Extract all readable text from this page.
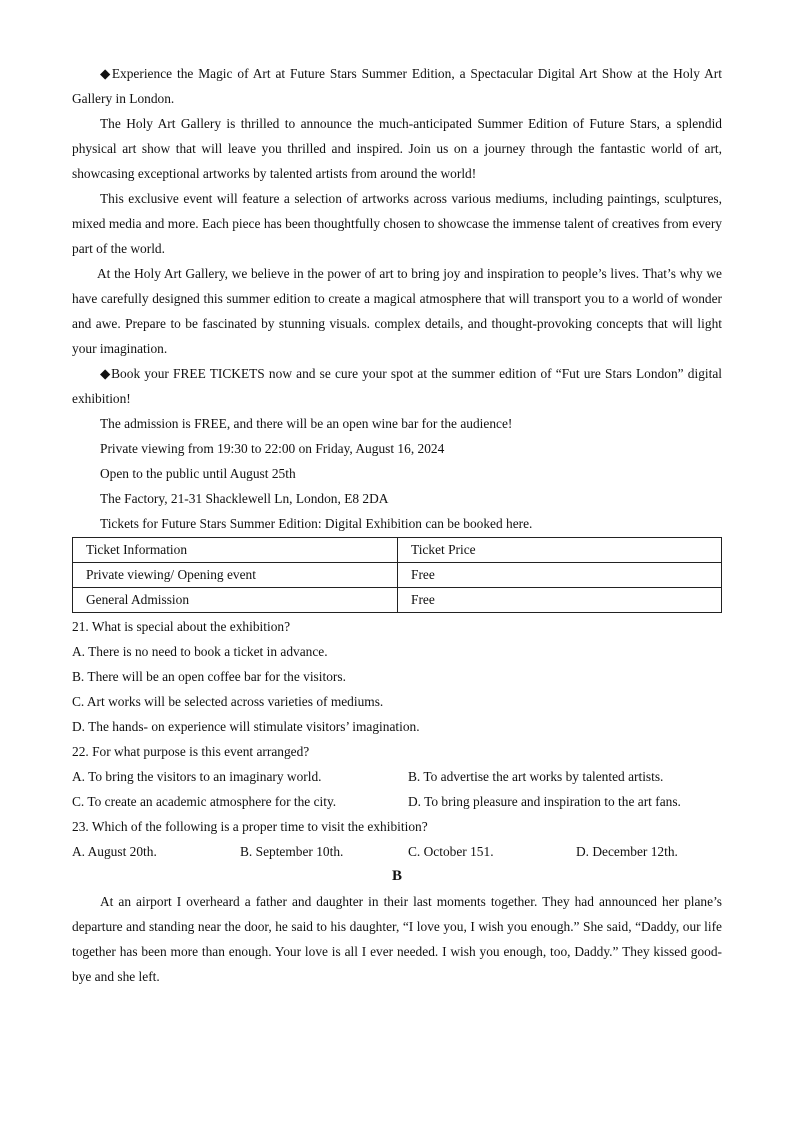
◆Experience the Magic of Art at Future Stars Summer Edition, a Spectacular Digital Art Show at the Holy Art Gallery in London.

The Holy Art Gallery is thrilled to announce the much-anticipated Summer Edition of Future Stars, a splendid physical art show that will leave you thrilled and inspired. Join us on a journey through the fantastic world of art, showcasing exceptional artworks by talented artists from around the world!

This exclusive event will feature a selection of artworks across various mediums, including paintings, sculptures, mixed media and more. Each piece has been thoughtfully chosen to showcase the immense talent of creatives from every part of the world.

At the Holy Art Gallery, we believe in the power of art to bring joy and inspiration to people’s lives. That’s why we have carefully designed this summer edition to create a magical atmosphere that will transport you to a world of wonder and awe. Prepare to be fascinated by stunning visuals. complex details, and thought-provoking concepts that will light your imagination.

◆Book your FREE TICKETS now and se cure your spot at the summer edition of “Fut ure Stars London” digital exhibition!

The admission is FREE, and there will be an open wine bar for the audience!
Private viewing from 19:30 to 22:00 on Friday, August 16, 2024
Open to the public until August 25th
The Factory, 21-31 Shacklewell Ln, London, E8 2DA
Tickets for Future Stars Summer Edition: Digital Exhibition can be booked here.
Ticket Information	Ticket Price
Private viewing/ Opening event	Free
General Admission	Free
21. What is special about the exhibition?
A. There is no need to book a ticket in advance.
B. There will be an open coffee bar for the visitors.
C. Art works will be selected across varieties of mediums.
D. The hands- on experience will stimulate visitors’ imagination.
22. For what purpose is this event arranged?
A. To bring the visitors to an imaginary world.	B. To advertise the art works by talented artists.
C. To create an academic atmosphere for the city.	D. To bring pleasure and inspiration to the art fans.
23. Which of the following is a proper time to visit the exhibition?
A. August 20th.	B. September 10th.	C. October 151.	D. December 12th.
B

At an airport I overheard a father and daughter in their last moments together. They had announced her plane’s departure and standing near the door, he said to his daughter, “I love you, I wish you enough.” She said, “Daddy, our life together has been more than enough. Your love is all I ever needed. I wish you enough, too, Daddy.” They kissed good- bye and she left.
